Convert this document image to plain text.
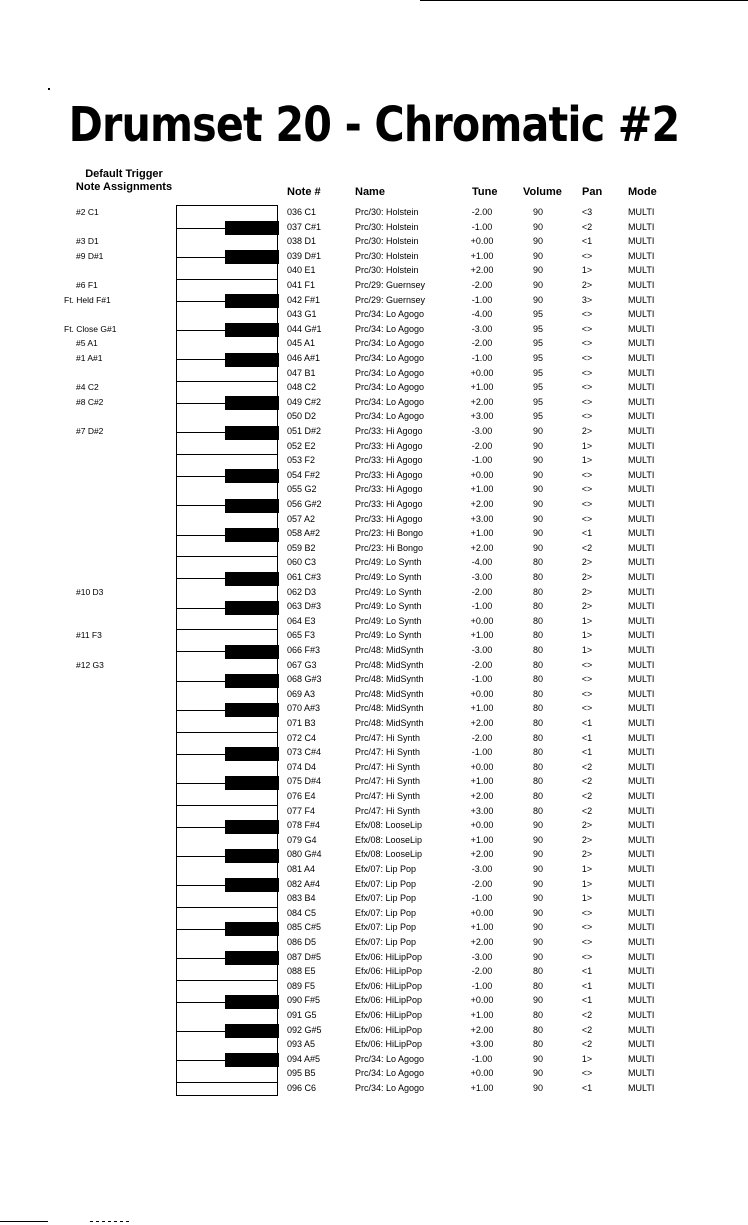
Drumset 20 - Chromatic #2
Default Trigger
Note Assignments	Note #	Name	Tune Volume Pan Mode
#2 C1
#3 D1
#9 D#1
#6 F1
Ft. Held F#1
Ft. Close G#1
#5 A1
#1 A#1
#4 C2
#8 C#2
#7 D#2
#10 D3
#11 F3
#12 G3
036 C1	Prc/30: Holstein	-2.00	90	<3	MULTI
037 C#1	Prc/30: Holstein	-1.00	90	<2	MULTI
038 D1	Prc/30: Holstein	+0.00	90	<1	MULTI
039 D#1	Prc/30: Holstein	+1.00	90	<>	MULTI
040 E1	Prc/30: Holstein	+2.00	90	1>	MULTI
041 F1	Prc/29: Guernsey	-2.00	90	2>	MULTI
042 F#1	Prc/29: Guernsey	-1.00	90	3>	MULTI
043 G1	Prc/34: Lo Agogo	-4.00	95	<>	MULTI
044 G#1	Prc/34: Lo Agogo	-3.00	95	<>	MULTI
045 A1	Prc/34: Lo Agogo	-2.00	95	<>	MULTI
046 A#1	Prc/34: Lo Agogo	-1.00	95	<>	MULTI
047 B1	Prc/34: Lo Agogo	+0.00	95	<>	MULTI
048 C2	Prc/34: Lo Agogo	+1.00	95	<>	MULTI
049 C#2	Prc/34: Lo Agogo	+2.00	95	<>	MULTI
050 D2	Prc/34: Lo Agogo	+3.00	95	<>	MULTI
051 D#2	Prc/33: Hi Agogo	-3.00	90	2>	MULTI
052 E2	Prc/33: Hi Agogo	-2.00	90	1>	MULTI
053 F2	Prc/33: Hi Agogo	-1.00	90	1>	MULTI
054 F#2	Prc/33: Hi Agogo	+0.00	90	<>	MULTI
055 G2	Prc/33: Hi Agogo	+1.00	90	<>	MULTI
056 G#2	Prc/33: Hi Agogo	+2.00	90	<>	MULTI
057 A2	Prc/33: Hi Agogo	+3.00	90	<>	MULTI
058 A#2	Prc/23: Hi Bongo	+1.00	90	<1	MULTI
059 B2	Prc/23: Hi Bongo	+2.00	90	<2	MULTI
060 C3	Prc/49: Lo Synth	-4.00	80	2>	MULTI
061 C#3	Prc/49: Lo Synth	-3.00	80	2>	MULTI
062 D3	Prc/49: Lo Synth	-2.00	80	2>	MULTI
063 D#3	Prc/49: Lo Synth	-1.00	80	2>	MULTI
064 E3	Prc/49: Lo Synth	+0.00	80	1>	MULTI
065 F3	Prc/49: Lo Synth	+1.00	80	1>	MULTI
066 F#3	Prc/48: MidSynth	-3.00	80	1>	MULTI
067 G3	Prc/48: MidSynth	-2.00	80	<>	MULTI
068 G#3	Prc/48: MidSynth	-1.00	80	<>	MULTI
069 A3	Prc/48: MidSynth	+0.00	80	<>	MULTI
070 A#3	Prc/48: MidSynth	+1.00	80	<>	MULTI
071 B3	Prc/48: MidSynth	+2.00	80	<1	MULTI
072 C4	Prc/47: Hi Synth	-2.00	80	<1	MULTI
073 C#4	Prc/47: Hi Synth	-1.00	80	<1	MULTI
074 D4	Prc/47: Hi Synth	+0.00	80	<2	MULTI
075 D#4	Prc/47: Hi Synth	+1.00	80	<2	MULTI
076 E4	Prc/47: Hi Synth	+2.00	80	<2	MULTI
077 F4	Prc/47: Hi Synth	+3.00	80	<2	MULTI
078 F#4	Efx/08: LooseLip	+0.00	90	2>	MULTI
079 G4	Efx/08: LooseLip	+1.00	90	2>	MULTI
080 G#4	Efx/08: LooseLip	+2.00	90	2>	MULTI
081 A4	Efx/07: Lip Pop	-3.00	90	1>	MULTI
082 A#4	Efx/07: Lip Pop	-2.00	90	1>	MULTI
083 B4	Efx/07: Lip Pop	-1.00	90	1>	MULTI
084 C5	Efx/07: Lip Pop	+0.00	90	<>	MULTI
085 C#5	Efx/07: Lip Pop	+1.00	90	<>	MULTI
086 D5	Efx/07: Lip Pop	+2.00	90	<>	MULTI
087 D#5	Efx/06: HiLipPop	-3.00	90	<>	MULTI
088 E5	Efx/06: HiLipPop	-2.00	80	<1	MULTI
089 F5	Efx/06: HiLipPop	-1.00	80	<1	MULTI
090 F#5	Efx/06: HiLipPop	+0.00	90	<1	MULTI
091 G5	Efx/06: HiLipPop	+1.00	80	<2	MULTI
092 G#5	Efx/06: HiLipPop	+2.00	80	<2	MULTI
093 A5	Efx/06: HiLipPop	+3.00	80	<2	MULTI
094 A#5	Prc/34: Lo Agogo	-1.00	90	1>	MULTI
095 B5	Prc/34: Lo Agogo	+0.00	90	<>	MULTI
096 C6	Prc/34: Lo Agogo	+1.00	90	<1	MULTI
